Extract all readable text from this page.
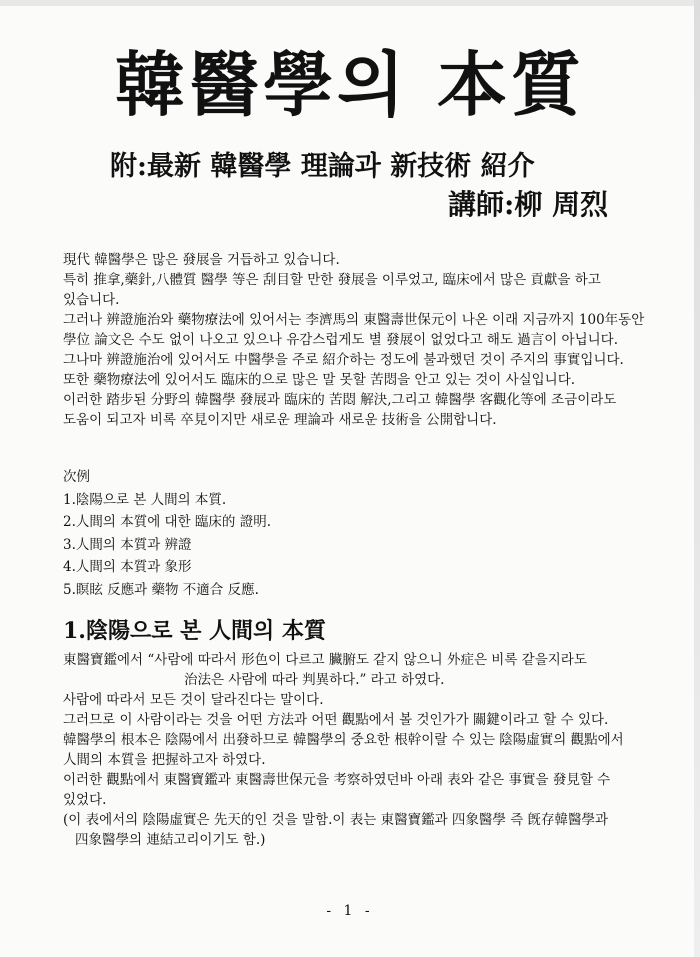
韓醫學의 本質
附:最新 韓醫學 理論과 新技術 紹介
講師:柳 周烈
現代 韓醫學은 많은 發展을 거듭하고 있습니다.
특히 推拿,藥針,八體質 醫學 等은 刮目할 만한 發展을 이루었고, 臨床에서 많은 貢獻을 하고
있습니다.
그러나 辨證施治와 藥物療法에 있어서는 李濟馬의 東醫壽世保元이 나온 이래 지금까지 100年동안
學位 論文은 수도 없이 나오고 있으나 유감스럽게도 별 發展이 없었다고 해도 過言이 아닙니다.
그나마 辨證施治에 있어서도 中醫學을 주로 紹介하는 정도에 불과했던 것이 주지의 事實입니다.
또한 藥物療法에 있어서도 臨床的으로 많은 말 못할 苦悶을 안고 있는 것이 사실입니다.
이러한 踏步된 分野의 韓醫學 發展과 臨床的 苦悶 解決,그리고 韓醫學 客觀化等에 조금이라도
도움이 되고자 비록 卒見이지만 새로운 理論과 새로운 技術을 公開합니다.
次例
1.陰陽으로 본 人間의 本質.
2.人間의 本質에 대한 臨床的 證明.
3.人間의 本質과 辨證
4.人間의 本質과 象形
5.瞑眩 反應과 藥物 不適合 反應.
1.陰陽으로 본 人間의 本質
東醫寶鑑에서 “사람에 따라서 形色이 다르고 臟腑도 같지 않으니 外症은 비록 같을지라도
治法은 사람에 따라 判異하다.” 라고 하였다.
사람에 따라서 모든 것이 달라진다는 말이다.
그러므로 이 사람이라는 것을 어떤 方法과 어떤 觀點에서 볼 것인가가 關鍵이라고 할 수 있다.
韓醫學의 根本은 陰陽에서 出發하므로 韓醫學의 중요한 根幹이랄 수 있는 陰陽虛實의 觀點에서
人間의 本質을 把握하고자 하였다.
이러한 觀點에서 東醫寶鑑과 東醫壽世保元을 考察하였던바 아래 表와 같은 事實을 發見할 수
있었다.
(이 表에서의 陰陽虛實은 先天的인 것을 말함.이 表는 東醫寶鑑과 四象醫學 즉 旣存韓醫學과
四象醫學의 連結고리이기도 함.)
- 1 -
